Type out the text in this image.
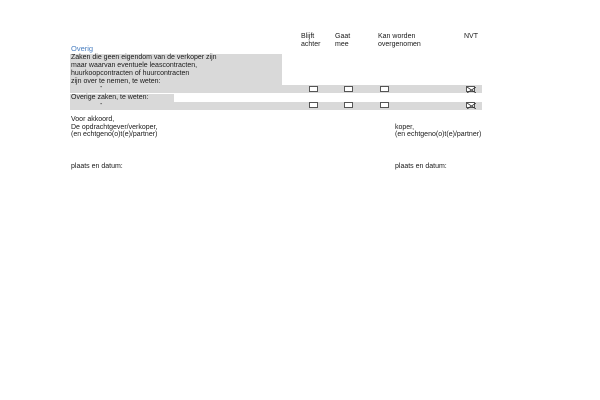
Blijft
achter
Gaat
mee
Kan worden
overgenomen
NVT
Overig
Zaken die geen eigendom van de verkoper zijn
maar waarvan eventuele leascontracten,
huurkoopcontracten of huurcontracten
zijn over te nemen, te weten:
-
Overige zaken, te weten:
-
Voor akkoord,
De opdrachtgever/verkoper,
(en echtgeno(o)t(e)/partner)
koper,
(en echtgeno(o)t(e)/partner)
plaats en datum:	plaats en datum:
